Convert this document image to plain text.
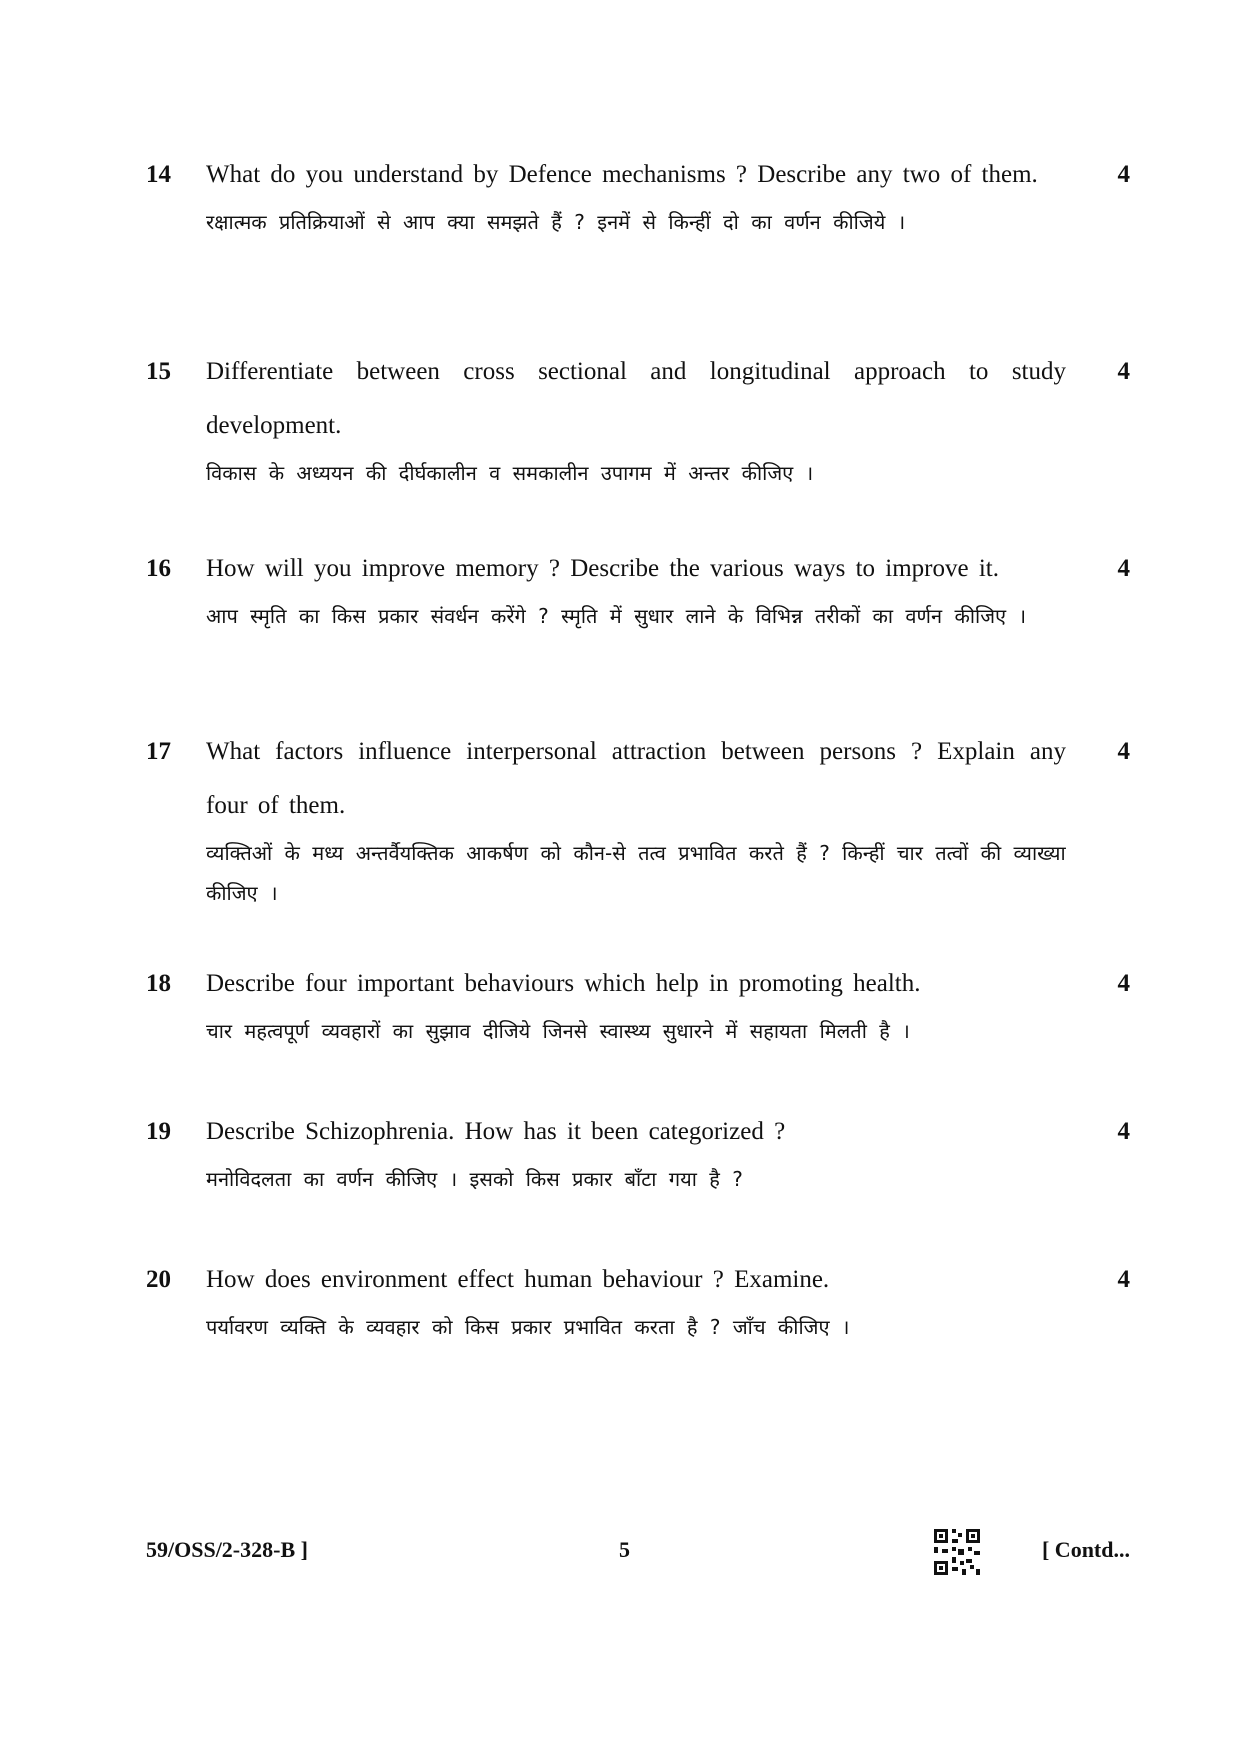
14 What do you understand by Defence mechanisms ? Describe any two of them.
रक्षात्मक प्रतिक्रियाओं से आप क्या समझते हैं ? इनमें से किन्हीं दो का वर्णन कीजिये ।
4
15 Differentiate between cross sectional and longitudinal approach to study development.
विकास के अध्ययन की दीर्घकालीन व समकालीन उपागम में अन्तर कीजिए ।
4
16 How will you improve memory ? Describe the various ways to improve it.
आप स्मृति का किस प्रकार संवर्धन करेंगे ? स्मृति में सुधार लाने के विभिन्न तरीकों का वर्णन कीजिए ।
4
17 What factors influence interpersonal attraction between persons ? Explain any four of them.
व्यक्तिओं के मध्य अन्तर्वैयक्तिक आकर्षण को कौन-से तत्व प्रभावित करते हैं ? किन्हीं चार तत्वों की व्याख्या कीजिए ।
4
18 Describe four important behaviours which help in promoting health.
चार महत्वपूर्ण व्यवहारों का सुझाव दीजिये जिनसे स्वास्थ्य सुधारने में सहायता मिलती है ।
4
19 Describe Schizophrenia. How has it been categorized ?
मनोविदलता का वर्णन कीजिए । इसको किस प्रकार बाँटा गया है ?
4
20 How does environment effect human behaviour ? Examine.
पर्यावरण व्यक्ति के व्यवहार को किस प्रकार प्रभावित करता है ? जाँच कीजिए ।
4
59/OSS/2-328-B ]	5	[ Contd...
